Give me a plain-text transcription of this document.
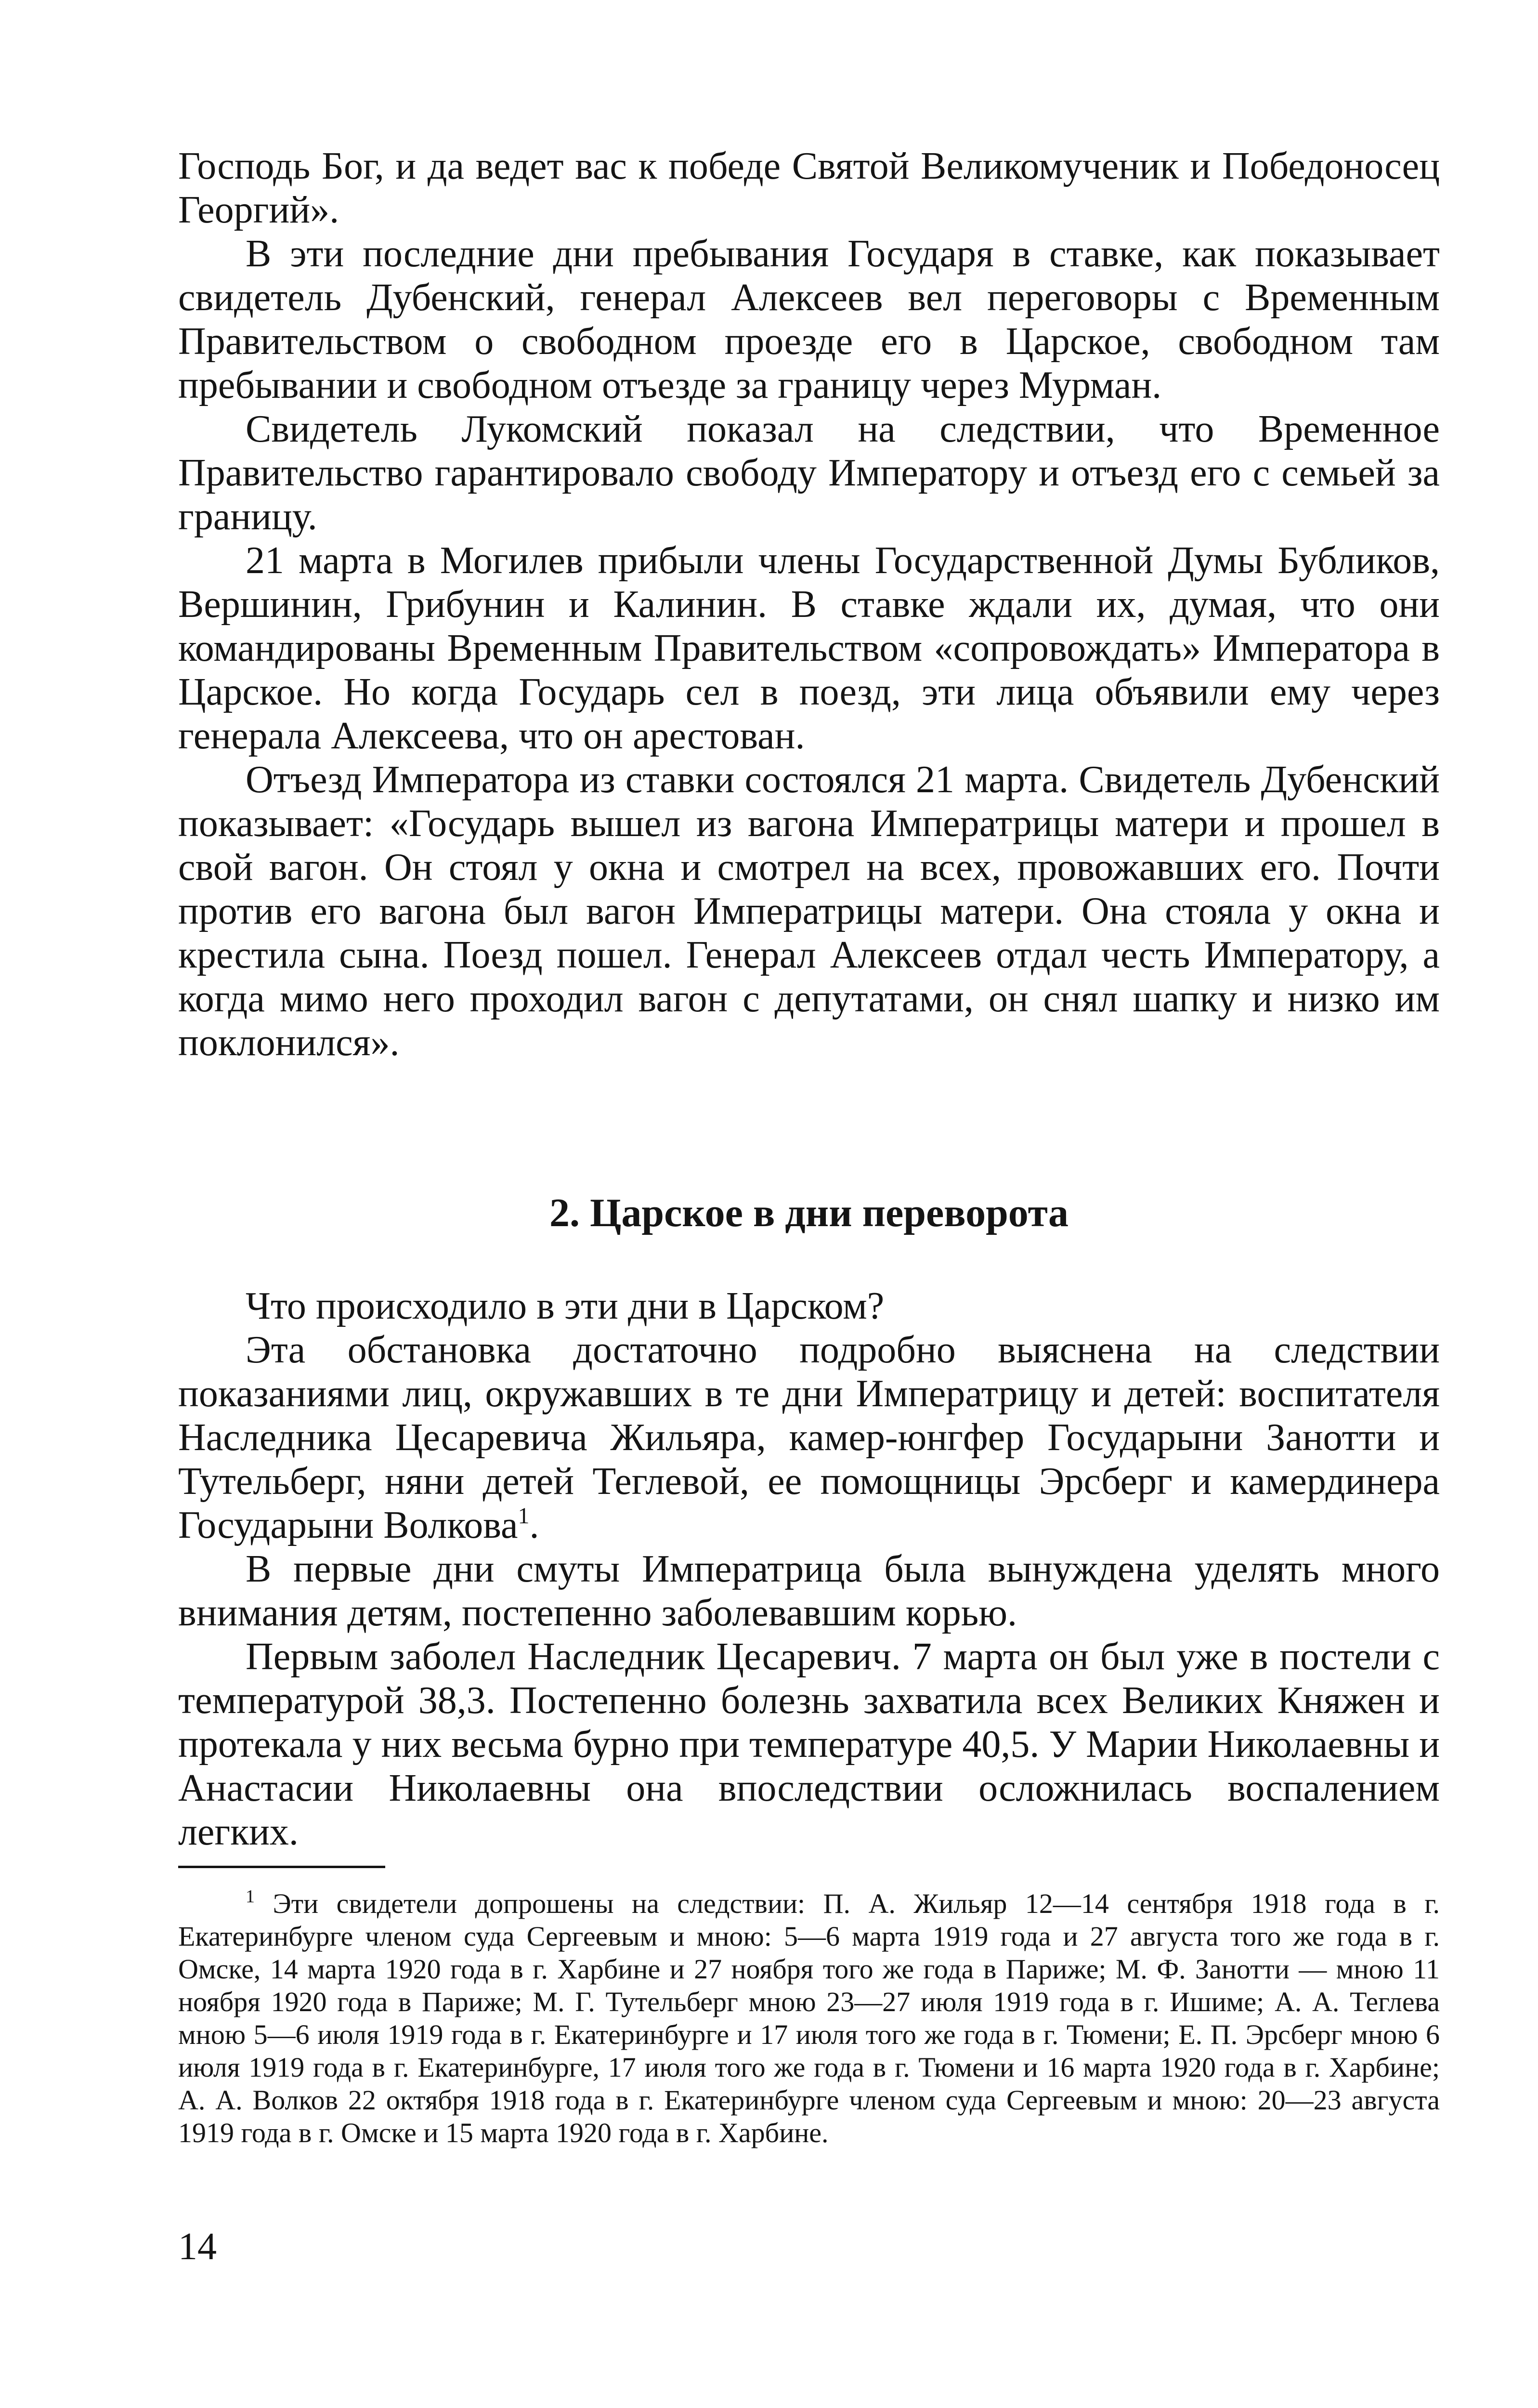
Господь Бог, и да ведет вас к победе Святой Великомученик и Победоносец Георгий».

В эти последние дни пребывания Государя в ставке, как показывает свидетель Дубенский, генерал Алексеев вел переговоры с Временным Правительством о свободном проезде его в Царское, свободном там пребывании и свободном отъезде за границу через Мурман.

Свидетель Лукомский показал на следствии, что Временное Правительство гарантировало свободу Императору и отъезд его с семьей за границу.

21 марта в Могилев прибыли члены Государственной Думы Бубликов, Вершинин, Грибунин и Калинин. В ставке ждали их, думая, что они командированы Временным Правительством «сопровождать» Императора в Царское. Но когда Государь сел в поезд, эти лица объявили ему через генерала Алексеева, что он арестован.

Отъезд Императора из ставки состоялся 21 марта. Свидетель Дубенский показывает: «Государь вышел из вагона Императрицы матери и прошел в свой вагон. Он стоял у окна и смотрел на всех, провожавших его. Почти против его вагона был вагон Императрицы матери. Она стояла у окна и крестила сына. Поезд пошел. Генерал Алексеев отдал честь Императору, а когда мимо него проходил вагон с депутатами, он снял шапку и низко им поклонился».

2. Царское в дни переворота

Что происходило в эти дни в Царском?

Эта обстановка достаточно подробно выяснена на следствии показаниями лиц, окружавших в те дни Императрицу и детей: воспитателя Наследника Цесаревича Жильяра, камер-юнгфер Государыни Занотти и Тутельберг, няни детей Теглевой, ее помощницы Эрсберг и камердинера Государыни Волкова$^1$.

В первые дни смуты Императрица была вынуждена уделять много внимания детям, постепенно заболевавшим корью.

Первым заболел Наследник Цесаревич. 7 марта он был уже в постели с температурой 38,3. Постепенно болезнь захватила всех Великих Княжен и протекала у них весьма бурно при температуре 40,5. У Марии Николаевны и Анастасии Николаевны она впоследствии осложнилась воспалением легких.

$^1$ Эти свидетели допрошены на следствии: П. А. Жильяр 12—14 сентября 1918 года в г. Екатеринбурге членом суда Сергеевым и мною: 5—6 марта 1919 года и 27 августа того же года в г. Омске, 14 марта 1920 года в г. Харбине и 27 ноября того же года в Париже; М. Ф. Занотти — мною 11 ноября 1920 года в Париже; М. Г. Тутельберг мною 23—27 июля 1919 года в г. Ишиме; А. А. Теглева мною 5—6 июля 1919 года в г. Екатеринбурге и 17 июля того же года в г. Тюмени; Е. П. Эрсберг мною 6 июля 1919 года в г. Екатеринбурге, 17 июля того же года в г. Тюмени и 16 марта 1920 года в г. Харбине; А. А. Волков 22 октября 1918 года в г. Екатеринбурге членом суда Сергеевым и мною: 20—23 августа 1919 года в г. Омске и 15 марта 1920 года в г. Харбине.

14
